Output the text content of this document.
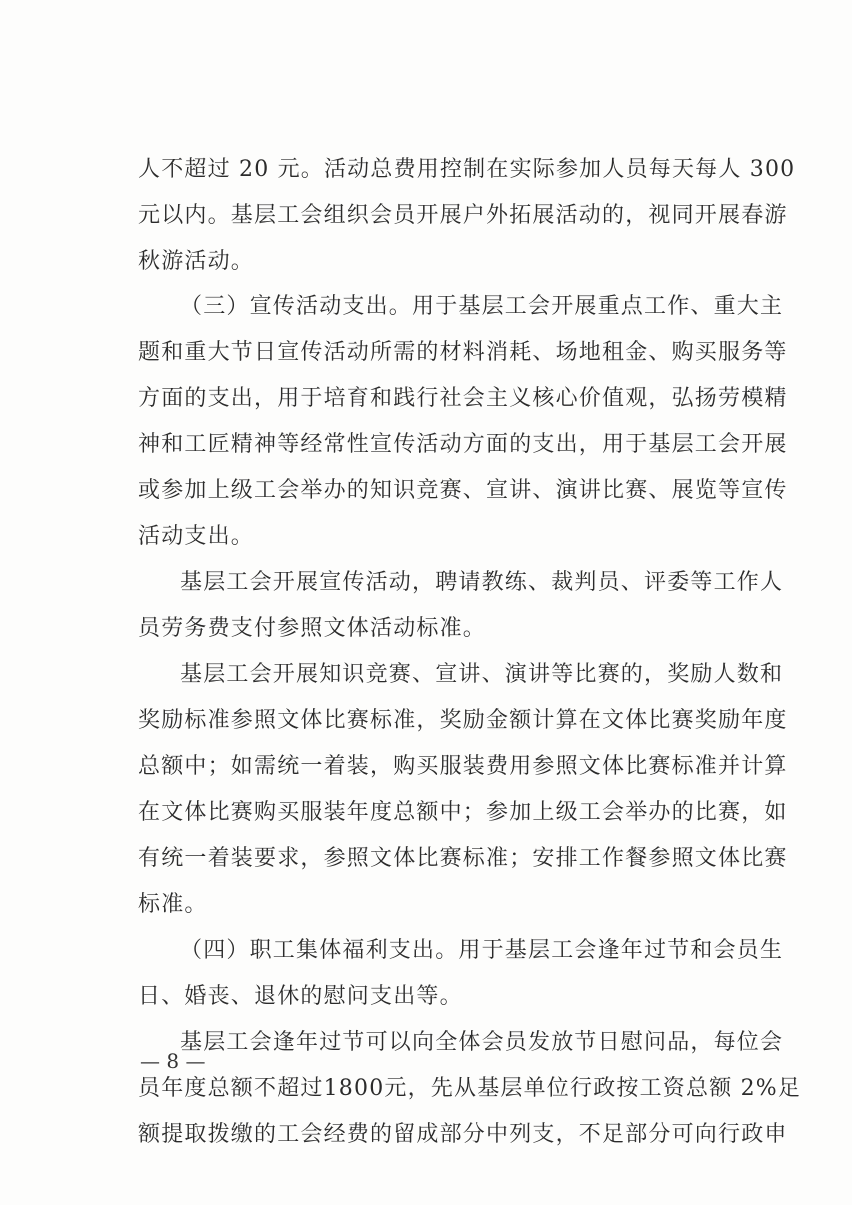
人不超过 20 元。活动总费用控制在实际参加人员每天每人 300
元以内。基层工会组织会员开展户外拓展活动的，视同开展春游
秋游活动。
（三）宣传活动支出。用于基层工会开展重点工作、重大主
题和重大节日宣传活动所需的材料消耗、场地租金、购买服务等
方面的支出，用于培育和践行社会主义核心价值观，弘扬劳模精
神和工匠精神等经常性宣传活动方面的支出，用于基层工会开展
或参加上级工会举办的知识竞赛、宣讲、演讲比赛、展览等宣传
活动支出。
基层工会开展宣传活动，聘请教练、裁判员、评委等工作人
员劳务费支付参照文体活动标准。
基层工会开展知识竞赛、宣讲、演讲等比赛的，奖励人数和
奖励标准参照文体比赛标准，奖励金额计算在文体比赛奖励年度
总额中；如需统一着装，购买服装费用参照文体比赛标准并计算
在文体比赛购买服装年度总额中；参加上级工会举办的比赛，如
有统一着装要求，参照文体比赛标准；安排工作餐参照文体比赛
标准。
（四）职工集体福利支出。用于基层工会逢年过节和会员生
日、婚丧、退休的慰问支出等。
基层工会逢年过节可以向全体会员发放节日慰问品，每位会
员年度总额不超过1800元，先从基层单位行政按工资总额 2%足
额提取拨缴的工会经费的留成部分中列支，不足部分可向行政申
— 8 —
